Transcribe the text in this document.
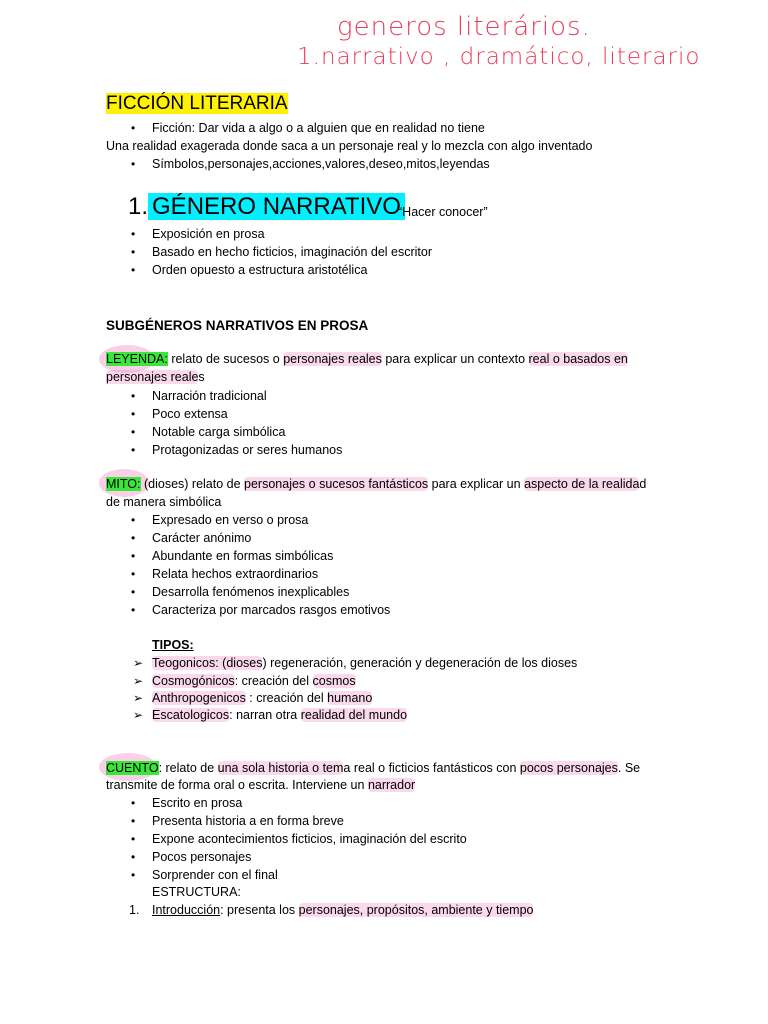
generos literários.
1.narrativo , dramático, literario
FICCIÓN LITERARIA
• Ficción: Dar vida a algo o a alguien que en realidad no tiene
Una realidad exagerada donde saca a un personaje real y lo mezcla con algo inventado
• Símbolos,personajes,acciones,valores,deseo,mitos,leyendas
1. GÉNERO NARRATIVO
“Hacer conocer”
• Exposición en prosa
• Basado en hecho ficticios, imaginación del escritor
• Orden opuesto a estructura aristotélica
SUBGÉNEROS NARRATIVOS EN PROSA
LEYENDA: relato de sucesos o personajes reales para explicar un contexto real o basados en
personajes reales
• Narración tradicional
• Poco extensa
• Notable carga simbólica
• Protagonizadas or seres humanos
MITO: (dioses) relato de personajes o sucesos fantásticos para explicar un aspecto de la realidad
de manera simbólica
• Expresado en verso o prosa
• Carácter anónimo
• Abundante en formas simbólicas
• Relata hechos extraordinarios
• Desarrolla fenómenos inexplicables
• Caracteriza por marcados rasgos emotivos
TIPOS:
➢ Teogonicos: (dioses) regeneración, generación y degeneración de los dioses
➢ Cosmogónicos: creación del cosmos
➢ Anthropogenicos : creación del humano
➢ Escatologicos: narran otra realidad del mundo
CUENTO: relato de una sola historia o tema real o ficticios fantásticos con pocos personajes. Se
transmite de forma oral o escrita. Interviene un narrador
• Escrito en prosa
• Presenta historia a en forma breve
• Expone acontecimientos ficticios, imaginación del escrito
• Pocos personajes
• Sorprender con el final
ESTRUCTURA:
1. Introducción: presenta los personajes, propósitos, ambiente y tiempo
